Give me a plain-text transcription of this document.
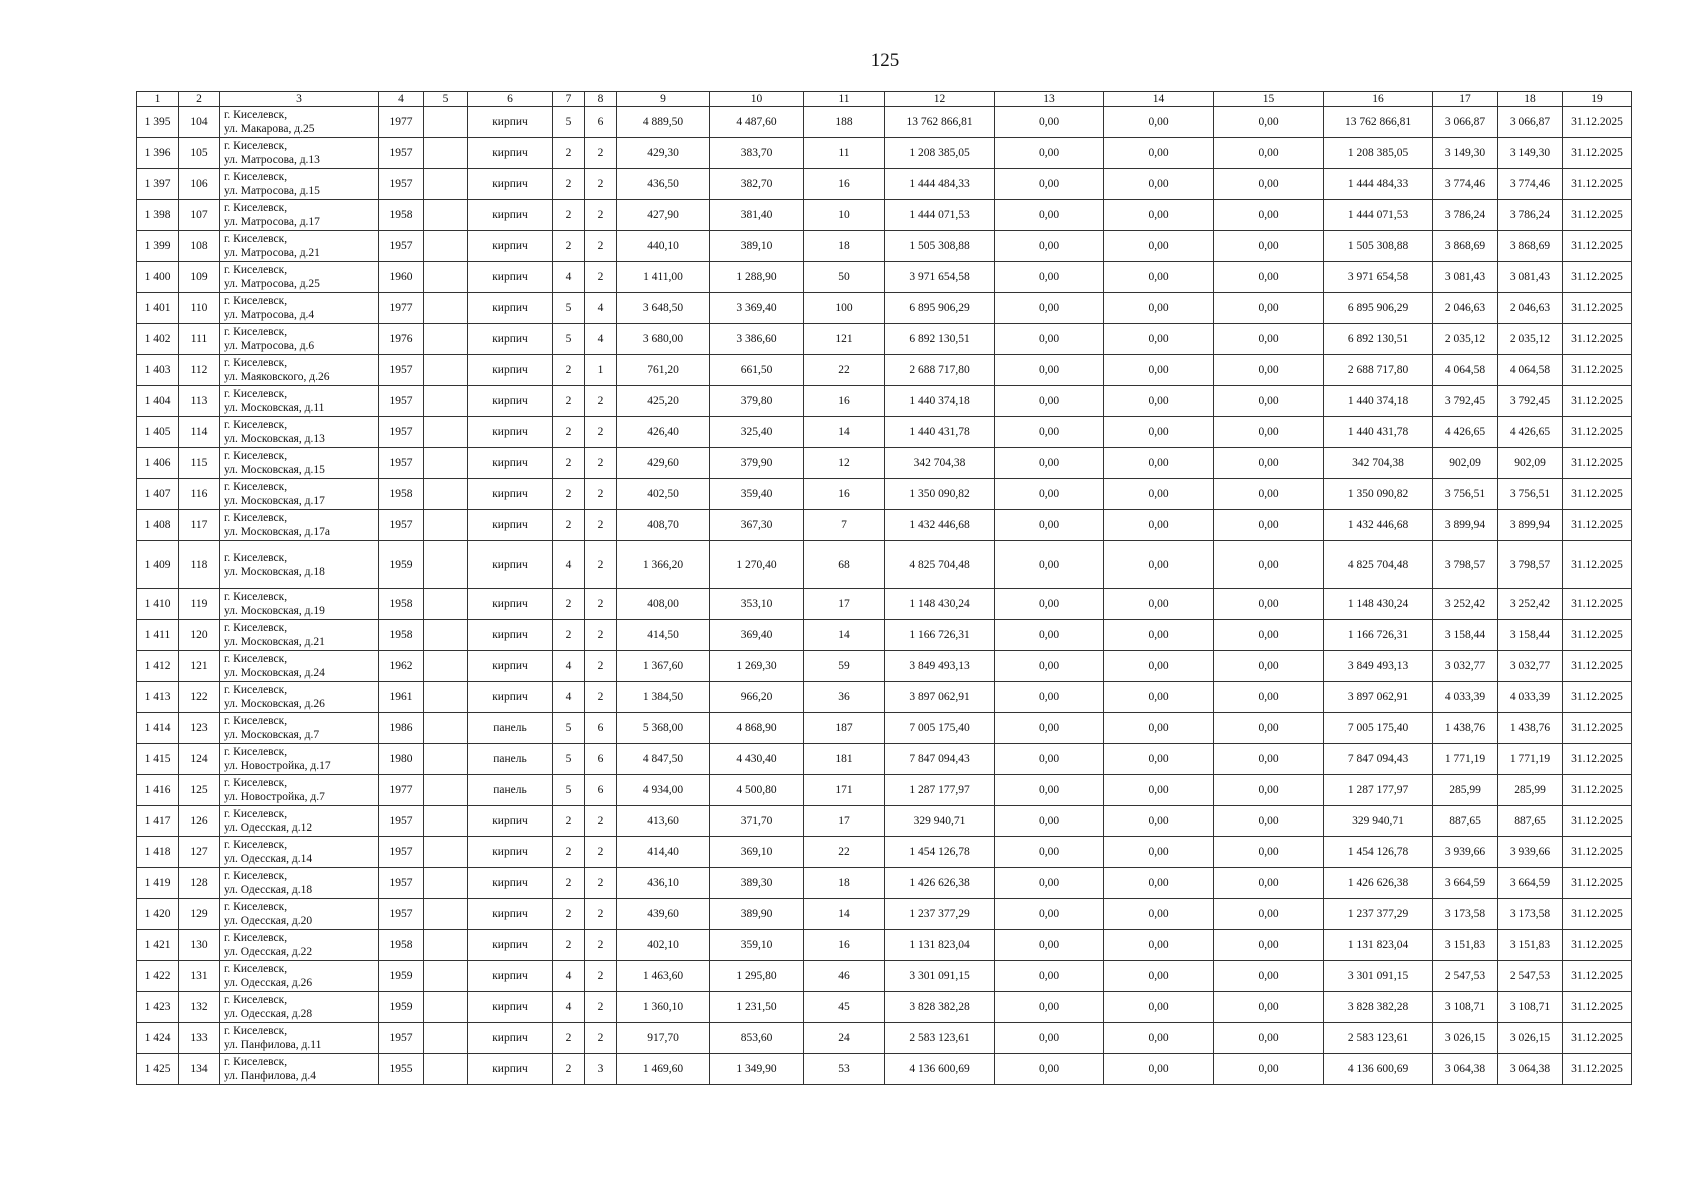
125
1	2	3	4	5	6	7	8	9	10	11	12	13	14	15	16	17	18	19
1 395	104	г. Киселевск,
ул. Макарова, д.25	1977		кирпич	5	6	4 889,50	4 487,60	188	13 762 866,81	0,00	0,00	0,00	13 762 866,81	3 066,87	3 066,87	31.12.2025
1 396	105	г. Киселевск,
ул. Матросова, д.13	1957		кирпич	2	2	429,30	383,70	11	1 208 385,05	0,00	0,00	0,00	1 208 385,05	3 149,30	3 149,30	31.12.2025
1 397	106	г. Киселевск,
ул. Матросова, д.15	1957		кирпич	2	2	436,50	382,70	16	1 444 484,33	0,00	0,00	0,00	1 444 484,33	3 774,46	3 774,46	31.12.2025
1 398	107	г. Киселевск,
ул. Матросова, д.17	1958		кирпич	2	2	427,90	381,40	10	1 444 071,53	0,00	0,00	0,00	1 444 071,53	3 786,24	3 786,24	31.12.2025
1 399	108	г. Киселевск,
ул. Матросова, д.21	1957		кирпич	2	2	440,10	389,10	18	1 505 308,88	0,00	0,00	0,00	1 505 308,88	3 868,69	3 868,69	31.12.2025
1 400	109	г. Киселевск,
ул. Матросова, д.25	1960		кирпич	4	2	1 411,00	1 288,90	50	3 971 654,58	0,00	0,00	0,00	3 971 654,58	3 081,43	3 081,43	31.12.2025
1 401	110	г. Киселевск,
ул. Матросова, д.4	1977		кирпич	5	4	3 648,50	3 369,40	100	6 895 906,29	0,00	0,00	0,00	6 895 906,29	2 046,63	2 046,63	31.12.2025
1 402	111	г. Киселевск,
ул. Матросова, д.6	1976		кирпич	5	4	3 680,00	3 386,60	121	6 892 130,51	0,00	0,00	0,00	6 892 130,51	2 035,12	2 035,12	31.12.2025
1 403	112	г. Киселевск,
ул. Маяковского, д.26	1957		кирпич	2	1	761,20	661,50	22	2 688 717,80	0,00	0,00	0,00	2 688 717,80	4 064,58	4 064,58	31.12.2025
1 404	113	г. Киселевск,
ул. Московская, д.11	1957		кирпич	2	2	425,20	379,80	16	1 440 374,18	0,00	0,00	0,00	1 440 374,18	3 792,45	3 792,45	31.12.2025
1 405	114	г. Киселевск,
ул. Московская, д.13	1957		кирпич	2	2	426,40	325,40	14	1 440 431,78	0,00	0,00	0,00	1 440 431,78	4 426,65	4 426,65	31.12.2025
1 406	115	г. Киселевск,
ул. Московская, д.15	1957		кирпич	2	2	429,60	379,90	12	342 704,38	0,00	0,00	0,00	342 704,38	902,09	902,09	31.12.2025
1 407	116	г. Киселевск,
ул. Московская, д.17	1958		кирпич	2	2	402,50	359,40	16	1 350 090,82	0,00	0,00	0,00	1 350 090,82	3 756,51	3 756,51	31.12.2025
1 408	117	г. Киселевск,
ул. Московская, д.17а	1957		кирпич	2	2	408,70	367,30	7	1 432 446,68	0,00	0,00	0,00	1 432 446,68	3 899,94	3 899,94	31.12.2025
1 409	118	г. Киселевск,
ул. Московская, д.18	1959		кирпич	4	2	1 366,20	1 270,40	68	4 825 704,48	0,00	0,00	0,00	4 825 704,48	3 798,57	3 798,57	31.12.2025
1 410	119	г. Киселевск,
ул. Московская, д.19	1958		кирпич	2	2	408,00	353,10	17	1 148 430,24	0,00	0,00	0,00	1 148 430,24	3 252,42	3 252,42	31.12.2025
1 411	120	г. Киселевск,
ул. Московская, д.21	1958		кирпич	2	2	414,50	369,40	14	1 166 726,31	0,00	0,00	0,00	1 166 726,31	3 158,44	3 158,44	31.12.2025
1 412	121	г. Киселевск,
ул. Московская, д.24	1962		кирпич	4	2	1 367,60	1 269,30	59	3 849 493,13	0,00	0,00	0,00	3 849 493,13	3 032,77	3 032,77	31.12.2025
1 413	122	г. Киселевск,
ул. Московская, д.26	1961		кирпич	4	2	1 384,50	966,20	36	3 897 062,91	0,00	0,00	0,00	3 897 062,91	4 033,39	4 033,39	31.12.2025
1 414	123	г. Киселевск,
ул. Московская, д.7	1986		панель	5	6	5 368,00	4 868,90	187	7 005 175,40	0,00	0,00	0,00	7 005 175,40	1 438,76	1 438,76	31.12.2025
1 415	124	г. Киселевск,
ул. Новостройка, д.17	1980		панель	5	6	4 847,50	4 430,40	181	7 847 094,43	0,00	0,00	0,00	7 847 094,43	1 771,19	1 771,19	31.12.2025
1 416	125	г. Киселевск,
ул. Новостройка, д.7	1977		панель	5	6	4 934,00	4 500,80	171	1 287 177,97	0,00	0,00	0,00	1 287 177,97	285,99	285,99	31.12.2025
1 417	126	г. Киселевск,
ул. Одесская, д.12	1957		кирпич	2	2	413,60	371,70	17	329 940,71	0,00	0,00	0,00	329 940,71	887,65	887,65	31.12.2025
1 418	127	г. Киселевск,
ул. Одесская, д.14	1957		кирпич	2	2	414,40	369,10	22	1 454 126,78	0,00	0,00	0,00	1 454 126,78	3 939,66	3 939,66	31.12.2025
1 419	128	г. Киселевск,
ул. Одесская, д.18	1957		кирпич	2	2	436,10	389,30	18	1 426 626,38	0,00	0,00	0,00	1 426 626,38	3 664,59	3 664,59	31.12.2025
1 420	129	г. Киселевск,
ул. Одесская, д.20	1957		кирпич	2	2	439,60	389,90	14	1 237 377,29	0,00	0,00	0,00	1 237 377,29	3 173,58	3 173,58	31.12.2025
1 421	130	г. Киселевск,
ул. Одесская, д.22	1958		кирпич	2	2	402,10	359,10	16	1 131 823,04	0,00	0,00	0,00	1 131 823,04	3 151,83	3 151,83	31.12.2025
1 422	131	г. Киселевск,
ул. Одесская, д.26	1959		кирпич	4	2	1 463,60	1 295,80	46	3 301 091,15	0,00	0,00	0,00	3 301 091,15	2 547,53	2 547,53	31.12.2025
1 423	132	г. Киселевск,
ул. Одесская, д.28	1959		кирпич	4	2	1 360,10	1 231,50	45	3 828 382,28	0,00	0,00	0,00	3 828 382,28	3 108,71	3 108,71	31.12.2025
1 424	133	г. Киселевск,
ул. Панфилова, д.11	1957		кирпич	2	2	917,70	853,60	24	2 583 123,61	0,00	0,00	0,00	2 583 123,61	3 026,15	3 026,15	31.12.2025
1 425	134	г. Киселевск,
ул. Панфилова, д.4	1955		кирпич	2	3	1 469,60	1 349,90	53	4 136 600,69	0,00	0,00	0,00	4 136 600,69	3 064,38	3 064,38	31.12.2025
